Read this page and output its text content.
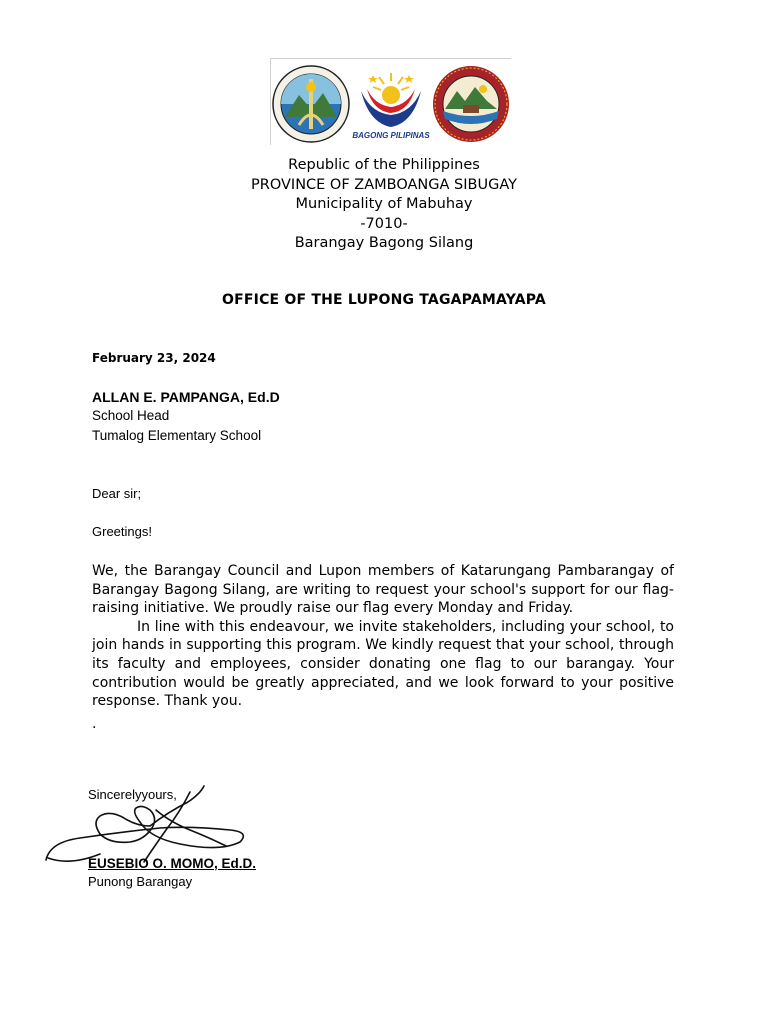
BAGONG PILIPINAS
Republic of the Philippines
PROVINCE OF ZAMBOANGA SIBUGAY
Municipality of Mabuhay
-7010-
Barangay Bagong Silang
OFFICE OF THE LUPONG TAGAPAMAYAPA
February 23, 2024
ALLAN E. PAMPANGA, Ed.D
School Head
Tumalog Elementary School
Dear sir;
Greetings!

We, the Barangay Council and Lupon members of Katarungang Pambarangay of Barangay Bagong Silang, are writing to request your school's support for our flag-raising initiative. We proudly raise our flag every Monday and Friday.

In line with this endeavour, we invite stakeholders, including your school, to join hands in supporting this program. We kindly request that your school, through its faculty and employees, consider donating one flag to our barangay. Your contribution would be greatly appreciated, and we look forward to your positive response. Thank you.

.
Sincerelyyours,
EUSEBIO O. MOMO, Ed.D.
Punong Barangay
